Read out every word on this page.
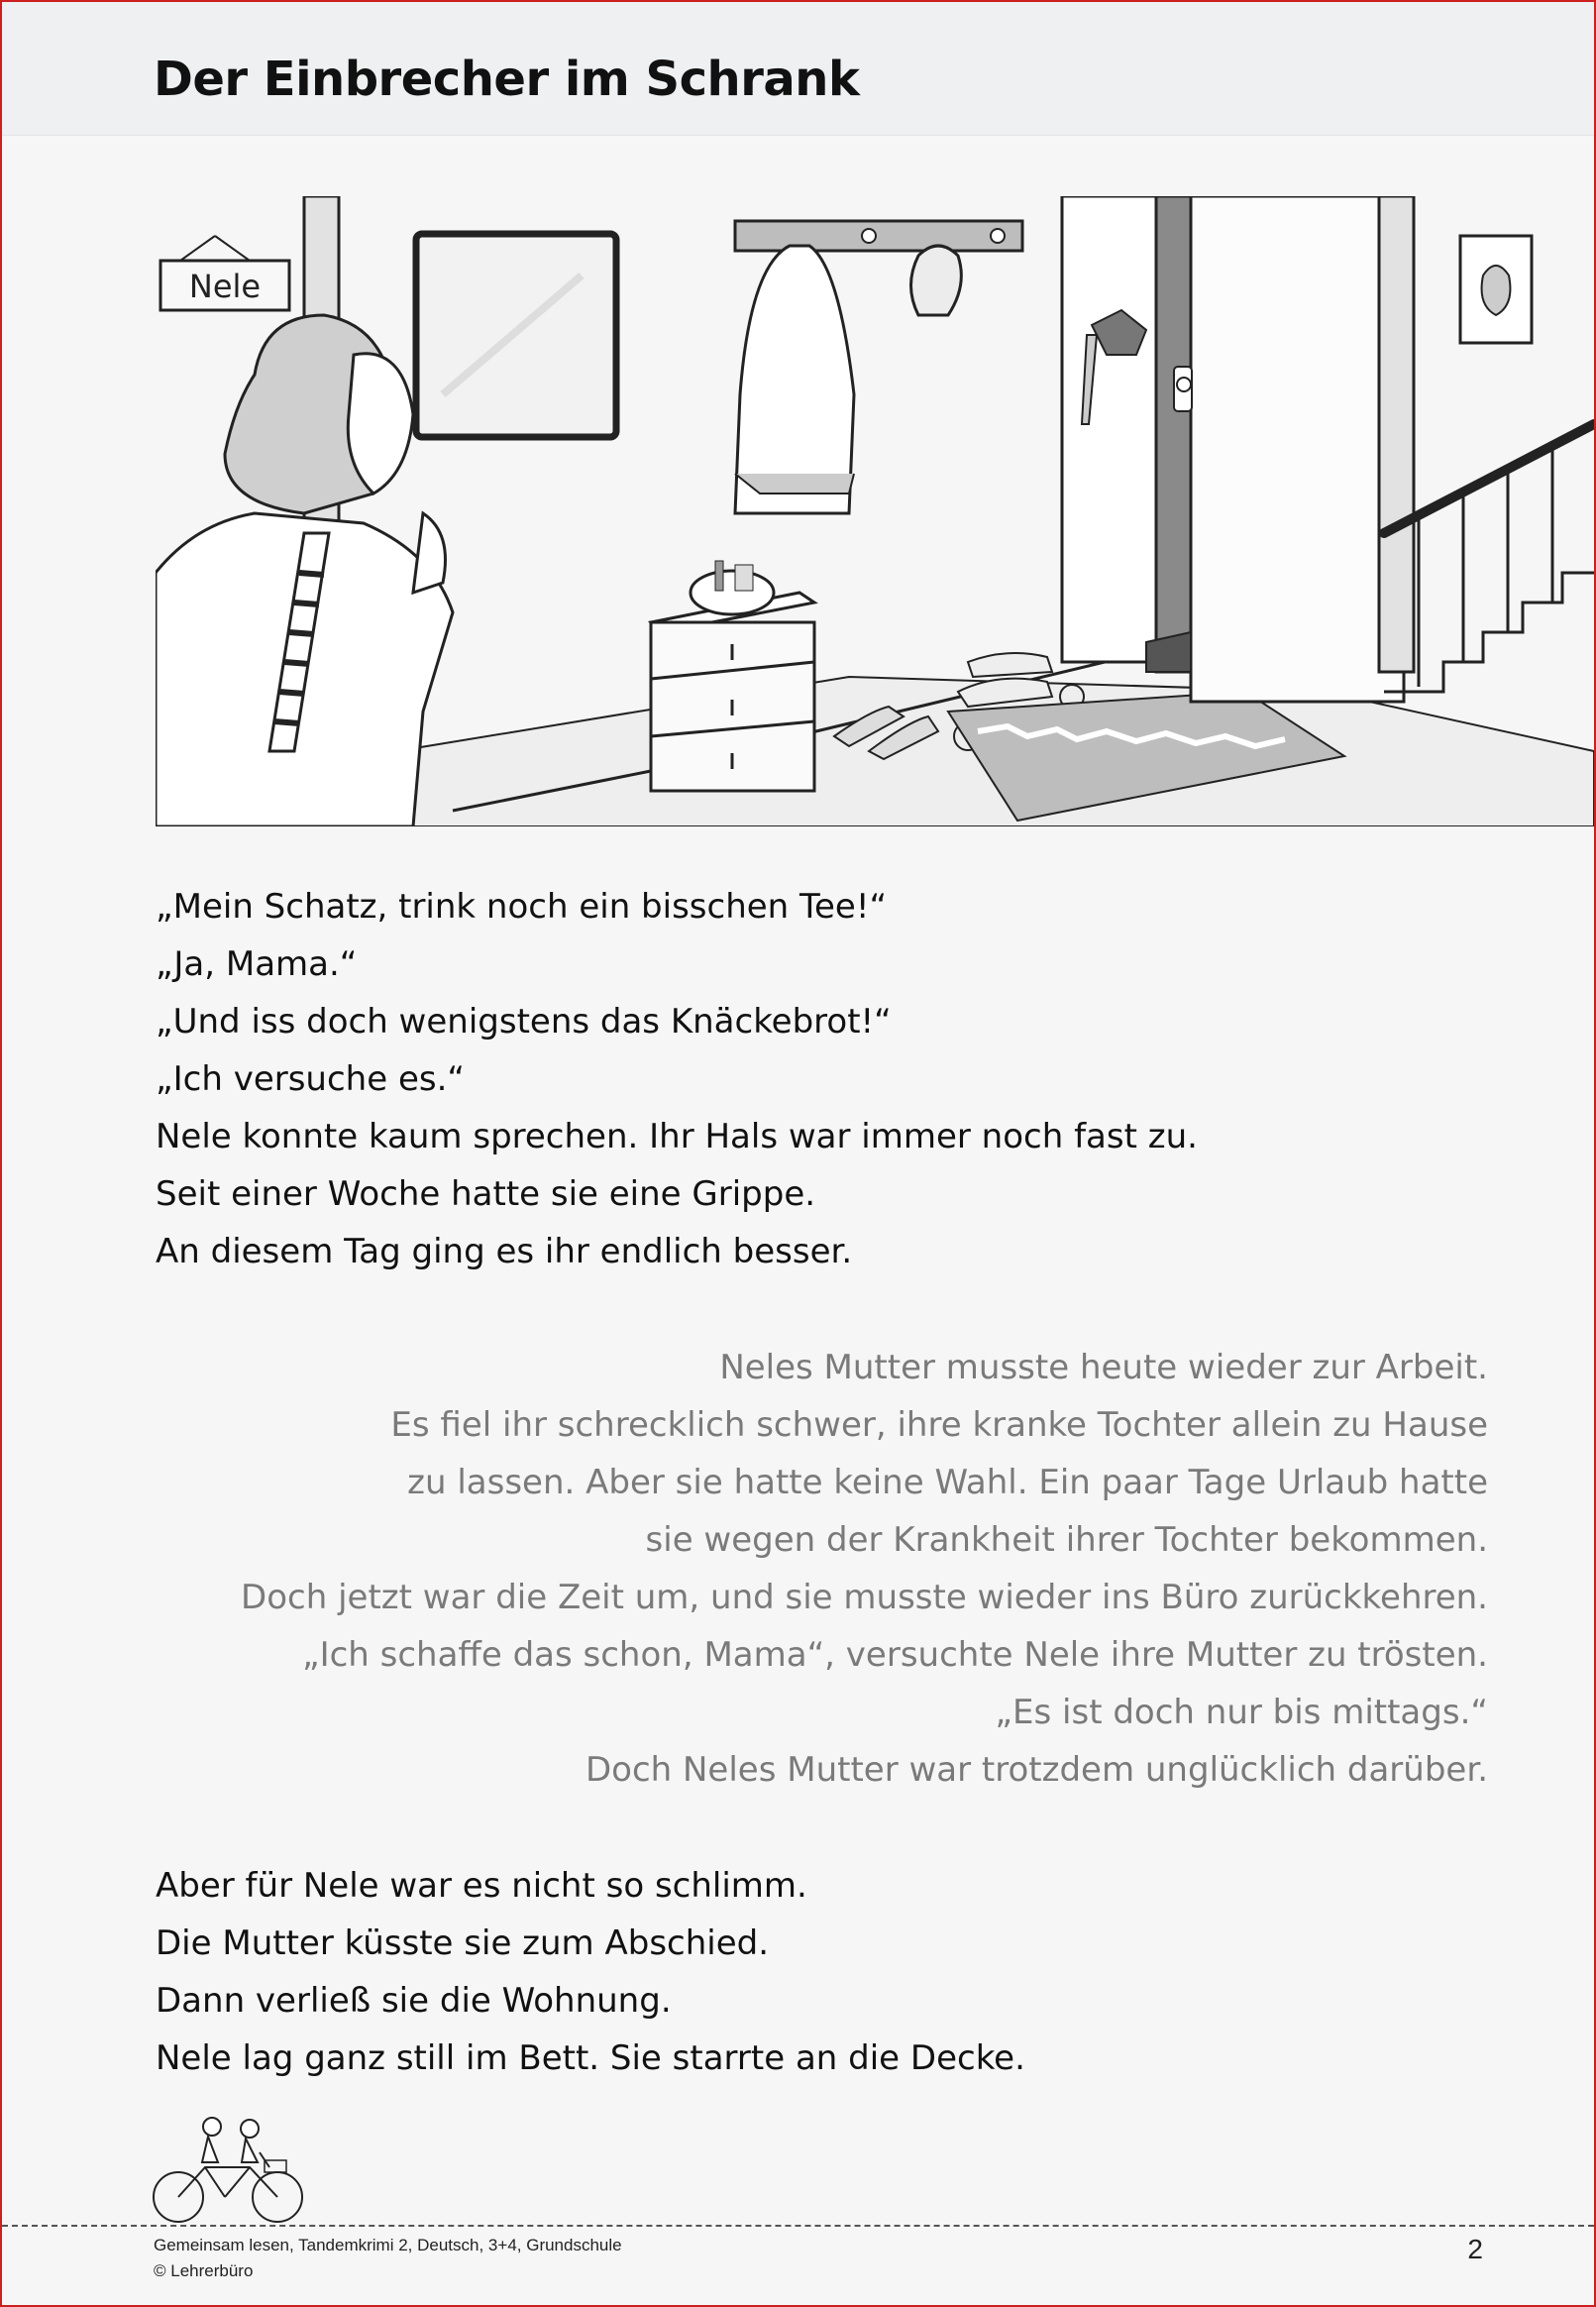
Der Einbrecher im Schrank
Nele
„Mein Schatz, trink noch ein bisschen Tee!“
„Ja, Mama.“
„Und iss doch wenigstens das Knäckebrot!“
„Ich versuche es.“
Nele konnte kaum sprechen. Ihr Hals war immer noch fast zu.
Seit einer Woche hatte sie eine Grippe.
An diesem Tag ging es ihr endlich besser.
Neles Mutter musste heute wieder zur Arbeit.
Es fiel ihr schrecklich schwer, ihre kranke Tochter allein zu Hause
zu lassen. Aber sie hatte keine Wahl. Ein paar Tage Urlaub hatte
sie wegen der Krankheit ihrer Tochter bekommen.
Doch jetzt war die Zeit um, und sie musste wieder ins Büro zurückkehren.
„Ich schaffe das schon, Mama“, versuchte Nele ihre Mutter zu trösten.
„Es ist doch nur bis mittags.“
Doch Neles Mutter war trotzdem unglücklich darüber.
Aber für Nele war es nicht so schlimm.
Die Mutter küsste sie zum Abschied.
Dann verließ sie die Wohnung.
Nele lag ganz still im Bett. Sie starrte an die Decke.
Gemeinsam lesen, Tandemkrimi 2, Deutsch, 3+4, Grundschule
© Lehrerbüro
2
